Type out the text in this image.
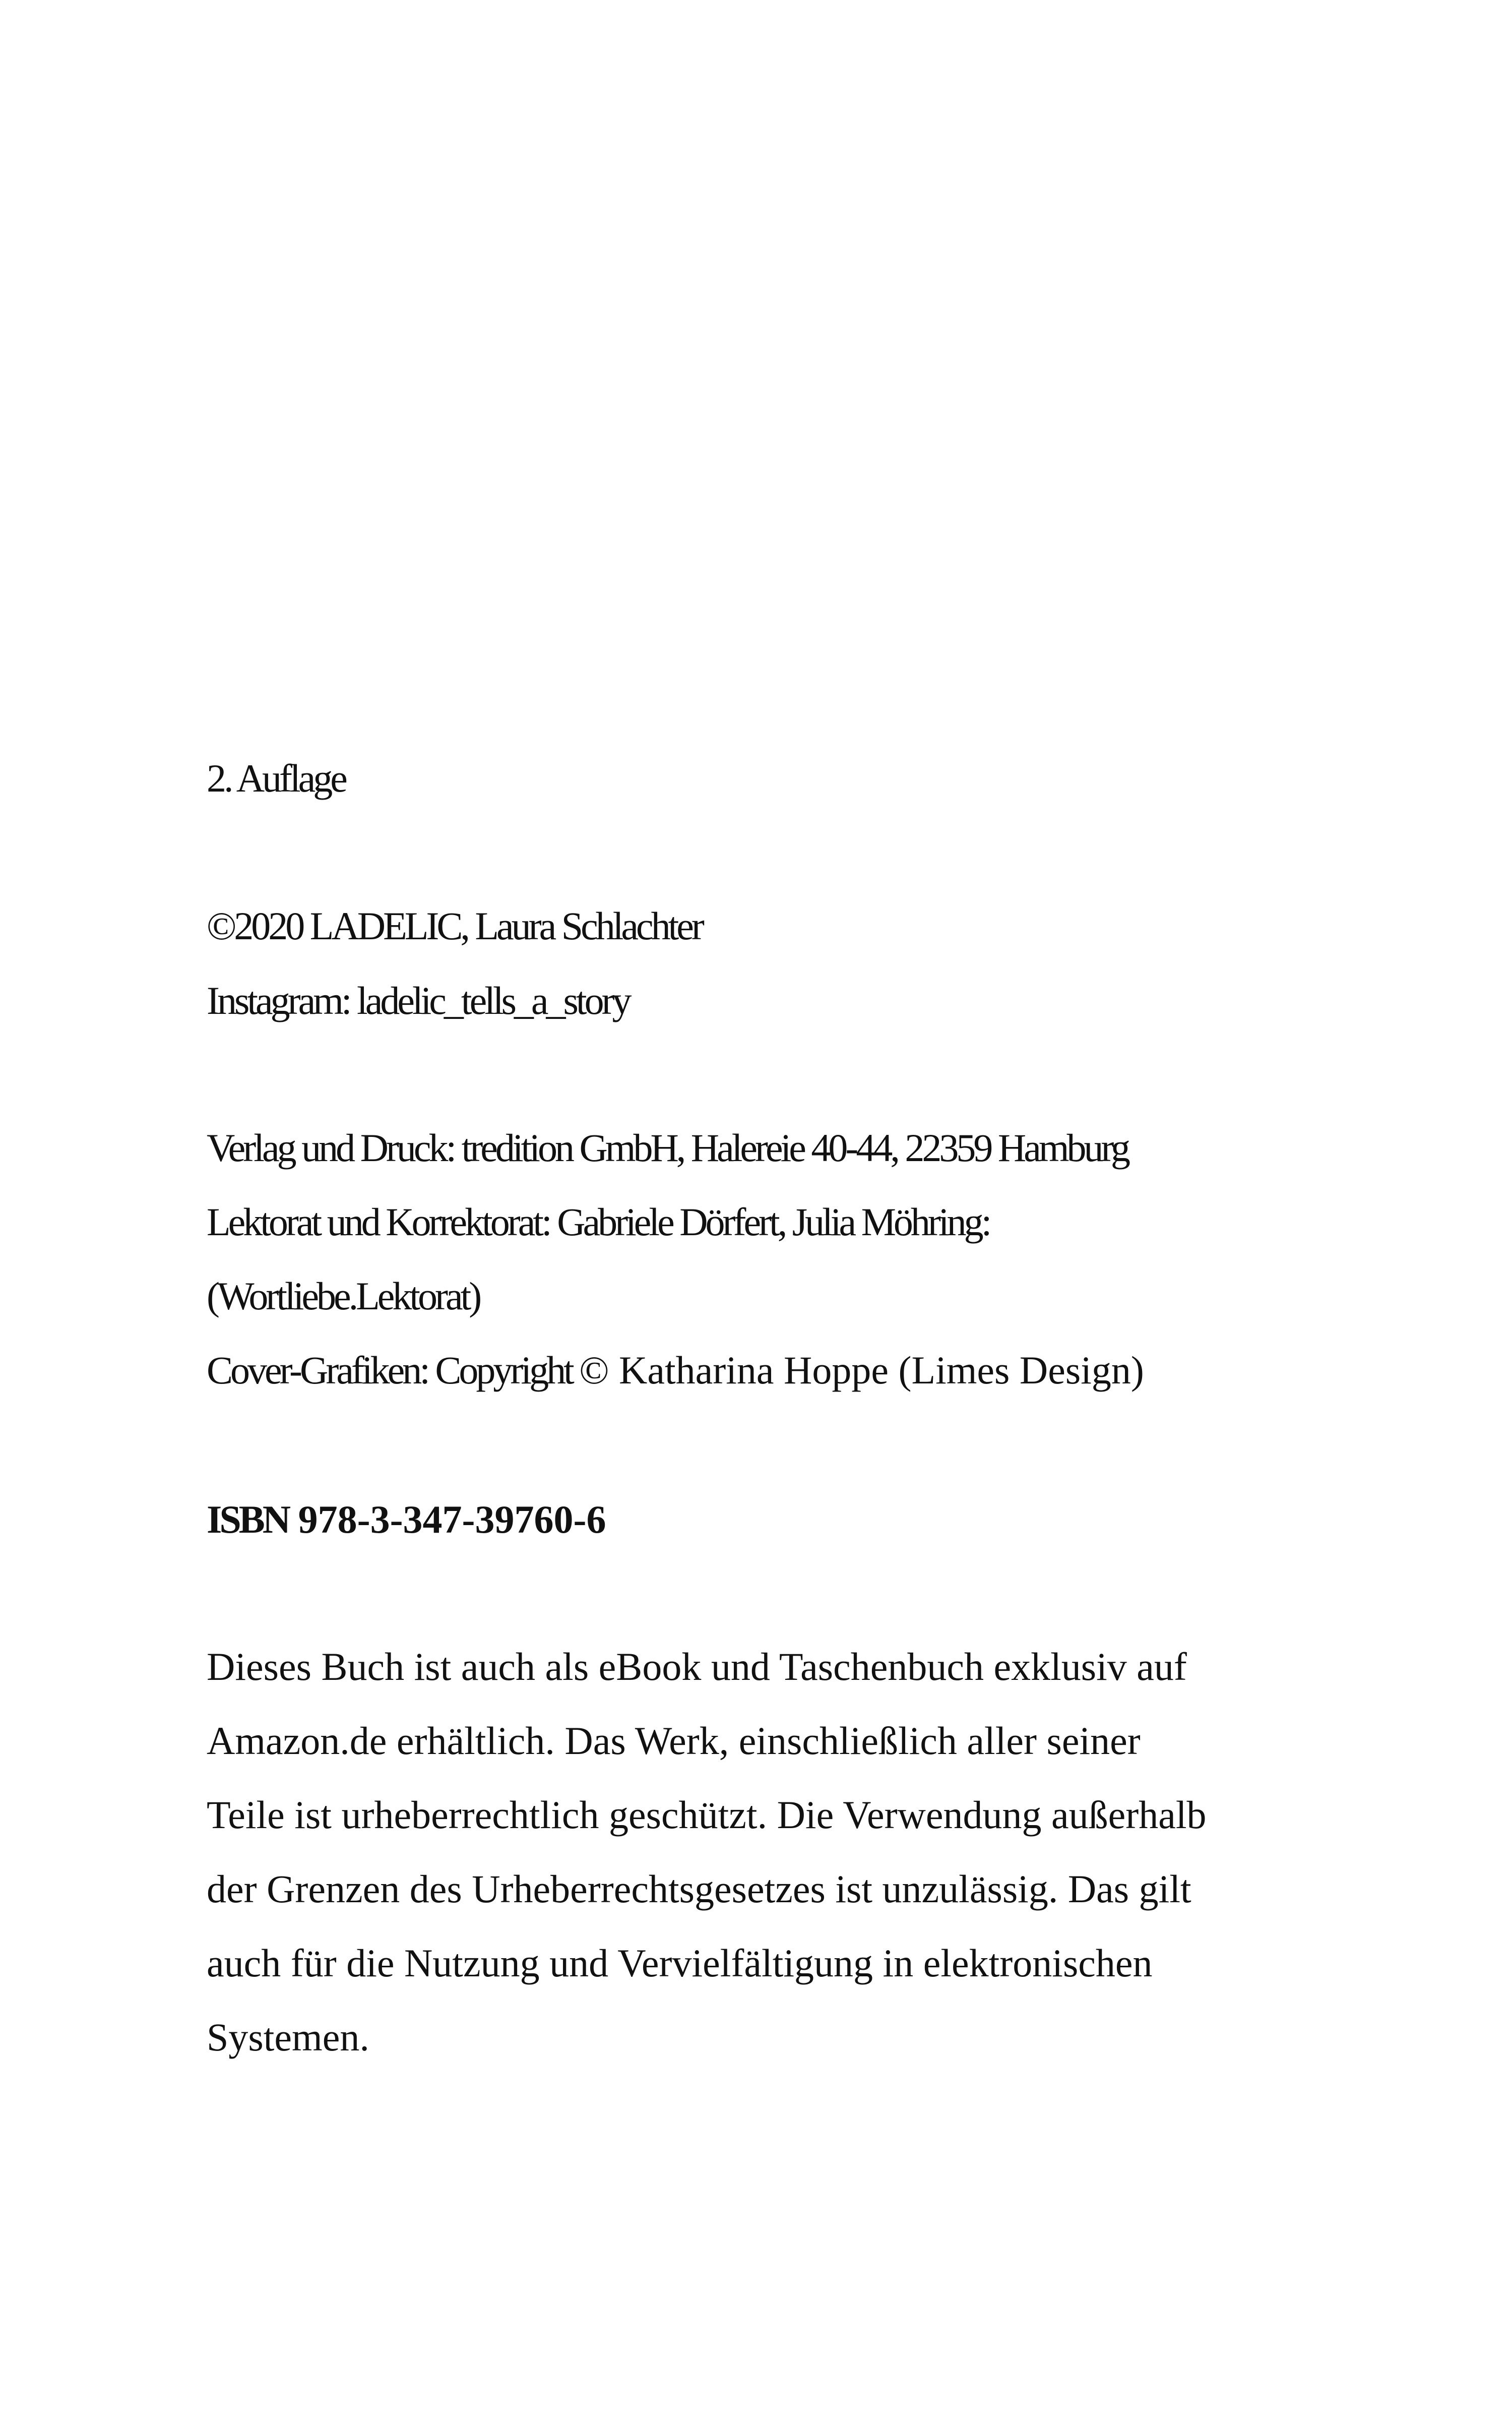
2. Auflage
©2020 LADELIC, Laura Schlachter
Instagram: ladelic_tells_a_story
Verlag und Druck: tredition GmbH, Halereie 40-44, 22359 Hamburg
Lektorat und Korrektorat: Gabriele Dörfert, Julia Möhring:
(Wortliebe.Lektorat)
Cover-Grafiken: Copyright © Katharina Hoppe (Limes Design)
ISBN 978-3-347-39760-6
Dieses Buch ist auch als eBook und Taschenbuch exklusiv auf
Amazon.de erhältlich. Das Werk, einschließlich aller seiner
Teile ist urheberrechtlich geschützt. Die Verwendung außerhalb
der Grenzen des Urheberrechtsgesetzes ist unzulässig. Das gilt
auch für die Nutzung und Vervielfältigung in elektronischen
Systemen.
